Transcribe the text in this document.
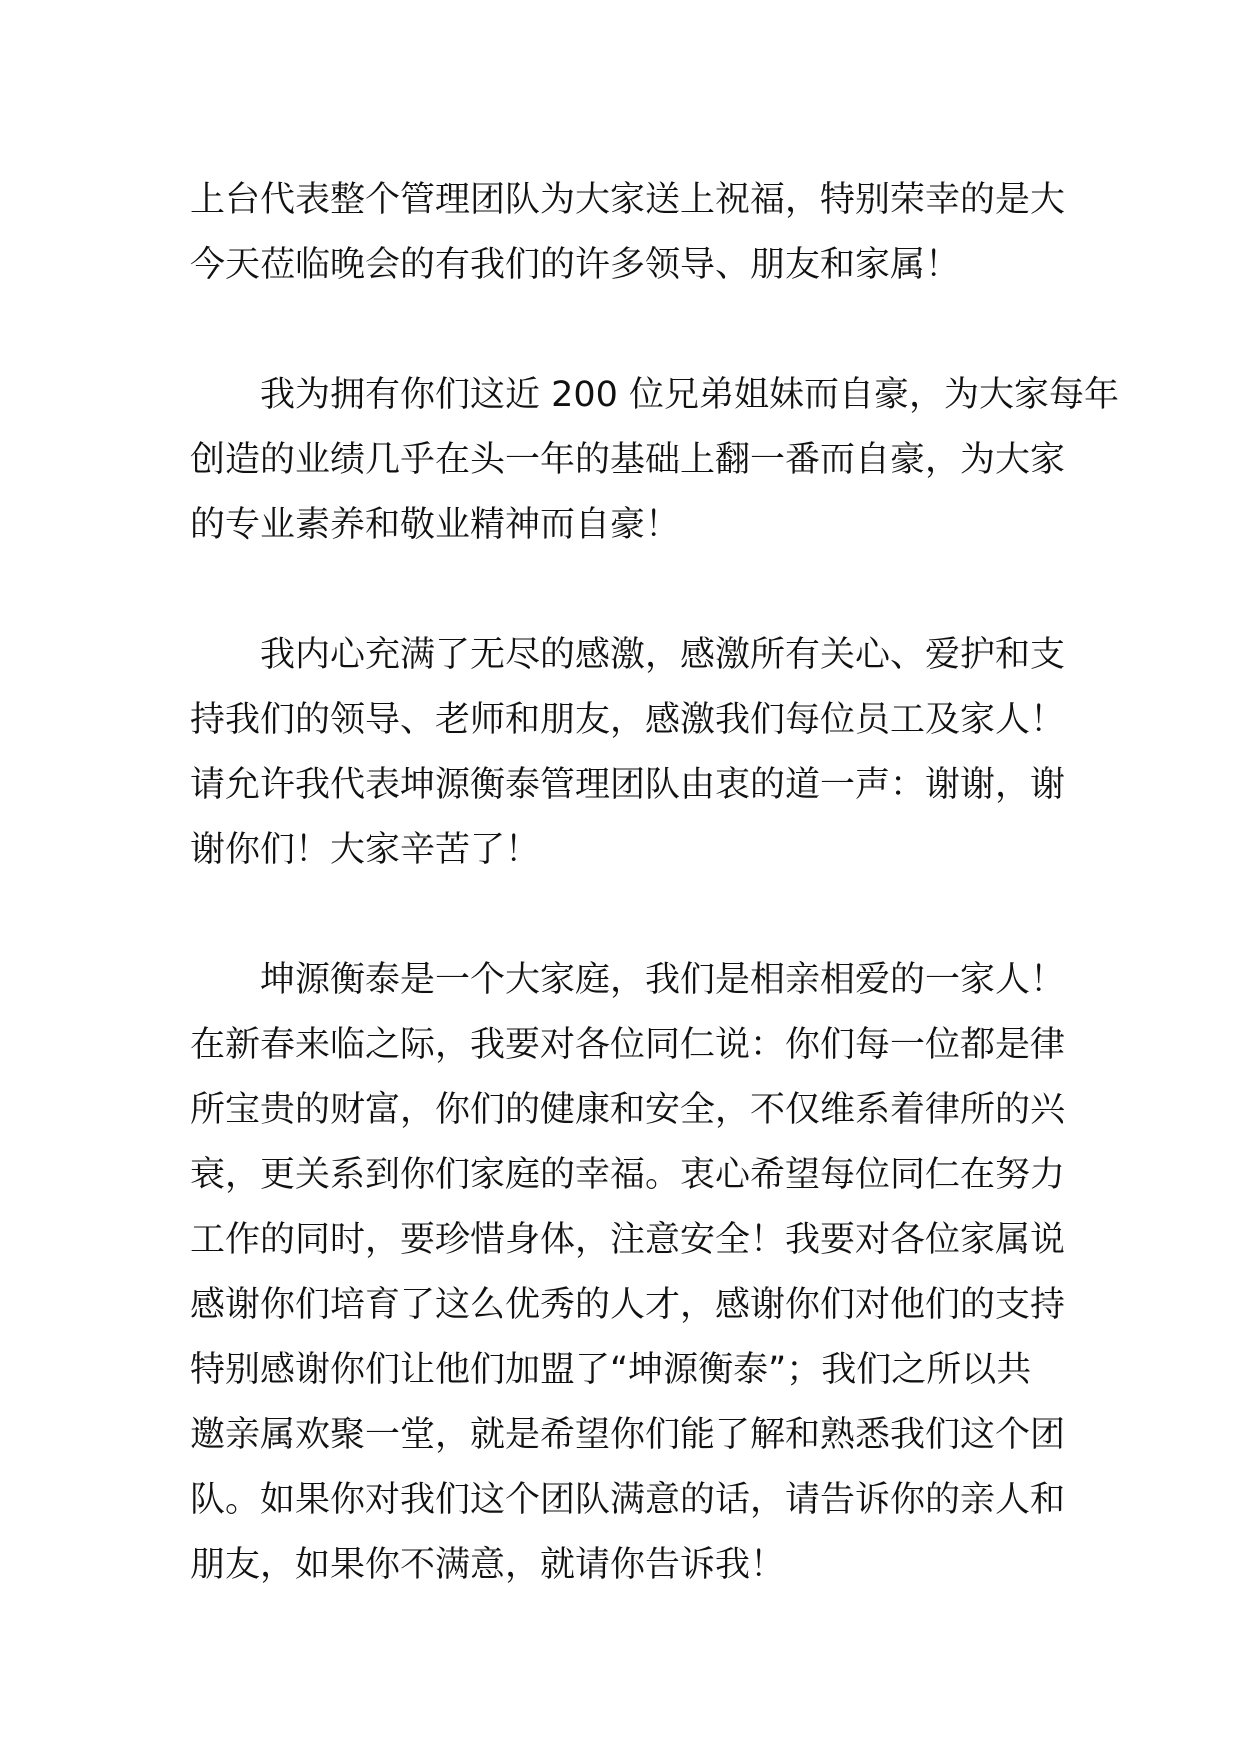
上台代表整个管理团队为大家送上祝福，特别荣幸的是大
今天莅临晚会的有我们的许多领导、朋友和家属！
我为拥有你们这近 200 位兄弟姐妹而自豪，为大家每年
创造的业绩几乎在头一年的基础上翻一番而自豪，为大家
的专业素养和敬业精神而自豪！
我内心充满了无尽的感激，感激所有关心、爱护和支
持我们的领导、老师和朋友，感激我们每位员工及家人！
请允许我代表坤源衡泰管理团队由衷的道一声：谢谢，谢
谢你们！大家辛苦了！
坤源衡泰是一个大家庭，我们是相亲相爱的一家人！
在新春来临之际，我要对各位同仁说：你们每一位都是律
所宝贵的财富，你们的健康和安全，不仅维系着律所的兴
衰，更关系到你们家庭的幸福。衷心希望每位同仁在努力
工作的同时，要珍惜身体，注意安全！我要对各位家属说
感谢你们培育了这么优秀的人才，感谢你们对他们的支持
特别感谢你们让他们加盟了“坤源衡泰”；我们之所以共
邀亲属欢聚一堂，就是希望你们能了解和熟悉我们这个团
队。如果你对我们这个团队满意的话，请告诉你的亲人和
朋友，如果你不满意，就请你告诉我！
